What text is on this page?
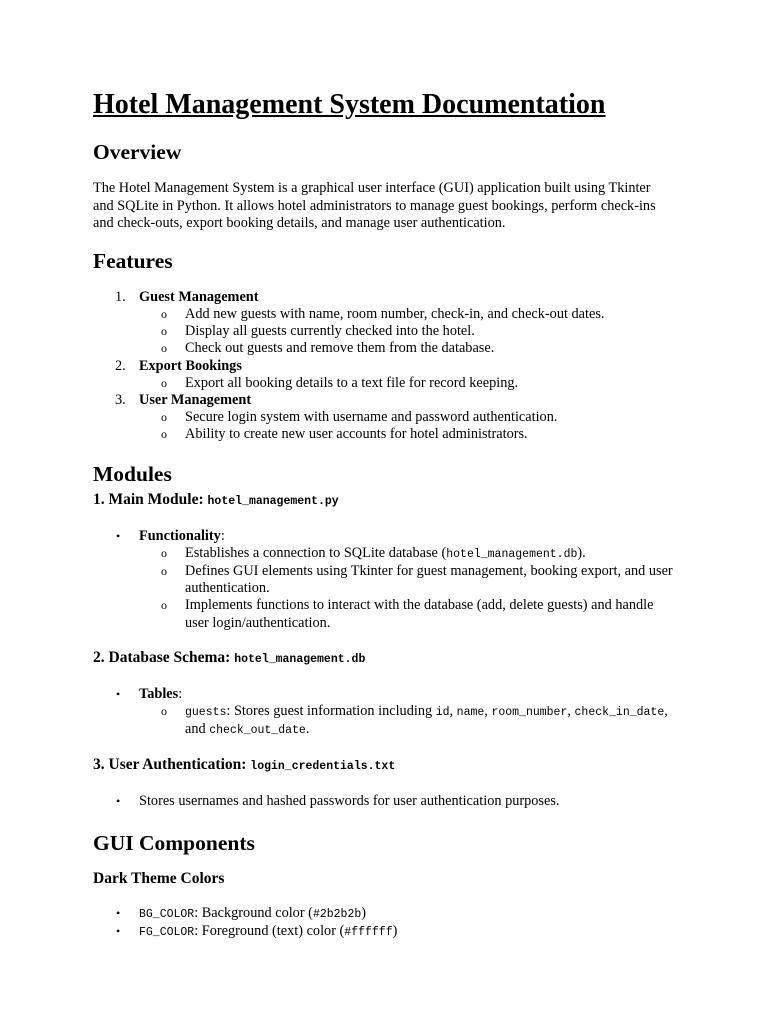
Hotel Management System Documentation
Overview

The Hotel Management System is a graphical user interface (GUI) application built using Tkinter and SQLite in Python. It allows hotel administrators to manage guest bookings, perform check-ins and check-outs, export booking details, and manage user authentication.

Features
1. Guest Management
o Add new guests with name, room number, check-in, and check-out dates.
o Display all guests currently checked into the hotel.
o Check out guests and remove them from the database.
2. Export Bookings
o Export all booking details to a text file for record keeping.
3. User Management
o Secure login system with username and password authentication.
o Ability to create new user accounts for hotel administrators.
Modules
1. Main Module: hotel_management.py
• Functionality:
o Establishes a connection to SQLite database (hotel_management.db).
o Defines GUI elements using Tkinter for guest management, booking export, and user authentication.
o Implements functions to interact with the database (add, delete guests) and handle user login/authentication.
2. Database Schema: hotel_management.db
• Tables:
o guests: Stores guest information including id, name, room_number, check_in_date, and check_out_date.
3. User Authentication: login_credentials.txt
• Stores usernames and hashed passwords for user authentication purposes.
GUI Components
Dark Theme Colors
• BG_COLOR: Background color (#2b2b2b)
• FG_COLOR: Foreground (text) color (#ffffff)
